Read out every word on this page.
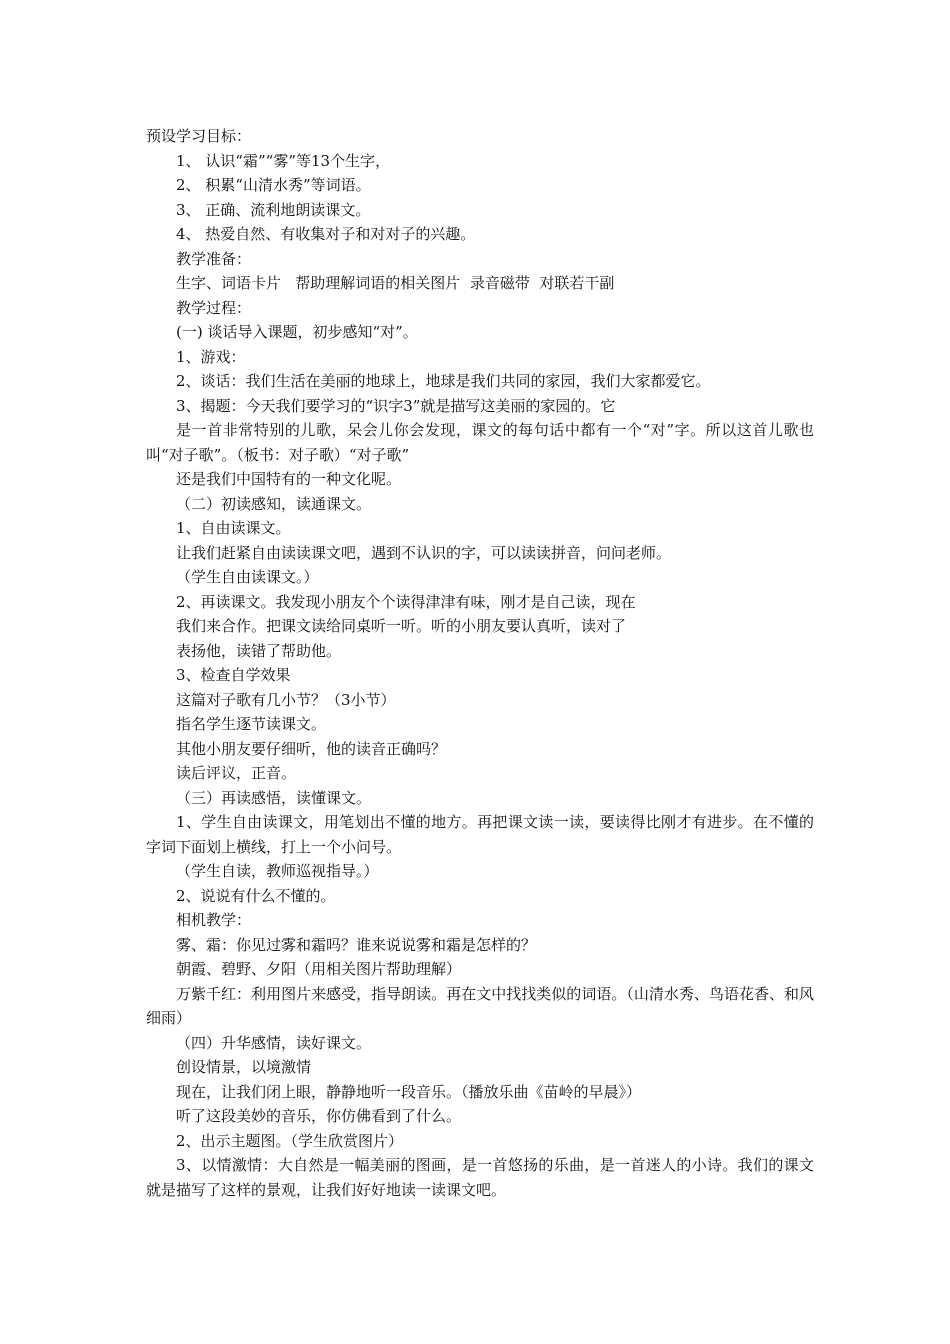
预设学习目标：
1、 认识“霜”“雾”等13个生字，
2、 积累“山清水秀”等词语。
3、 正确、流利地朗读课文。
4、 热爱自然、有收集对子和对对子的兴趣。
教学准备：
生字、词语卡片   帮助理解词语的相关图片  录音磁带  对联若干副
教学过程：
(一) 谈话导入课题，初步感知“对”。
1、游戏：
2、谈话：我们生活在美丽的地球上，地球是我们共同的家园，我们大家都爱它。
3、揭题：今天我们要学习的“识字3”就是描写这美丽的家园的。它
是一首非常特别的儿歌，呆会儿你会发现，课文的每句话中都有一个“对”字。所以这首儿歌也叫“对子歌”。（板书：对子歌）“对子歌”
还是我们中国特有的一种文化呢。
（二）初读感知，读通课文。
1、自由读课文。
让我们赶紧自由读读课文吧，遇到不认识的字，可以读读拼音，问问老师。
（学生自由读课文。）
2、再读课文。我发现小朋友个个读得津津有味，刚才是自己读，现在
我们来合作。把课文读给同桌听一听。听的小朋友要认真听，读对了
表扬他，读错了帮助他。
3、检查自学效果
这篇对子歌有几小节？（3小节）
指名学生逐节读课文。
其他小朋友要仔细听，他的读音正确吗？
读后评议，正音。
（三）再读感悟，读懂课文。
1、学生自由读课文，用笔划出不懂的地方。再把课文读一读，要读得比刚才有进步。在不懂的字词下面划上横线，打上一个小问号。
（学生自读，教师巡视指导。）
2、说说有什么不懂的。
相机教学：
雾、霜：你见过雾和霜吗？谁来说说雾和霜是怎样的？
朝霞、碧野、夕阳（用相关图片帮助理解）
万紫千红：利用图片来感受，指导朗读。再在文中找找类似的词语。（山清水秀、鸟语花香、和风细雨）
（四）升华感情，读好课文。
创设情景，以境激情
现在，让我们闭上眼，静静地听一段音乐。（播放乐曲《苗岭的早晨》）
听了这段美妙的音乐，你仿佛看到了什么。
2、出示主题图。（学生欣赏图片）
3、以情激情：大自然是一幅美丽的图画，是一首悠扬的乐曲，是一首迷人的小诗。我们的课文就是描写了这样的景观，让我们好好地读一读课文吧。
